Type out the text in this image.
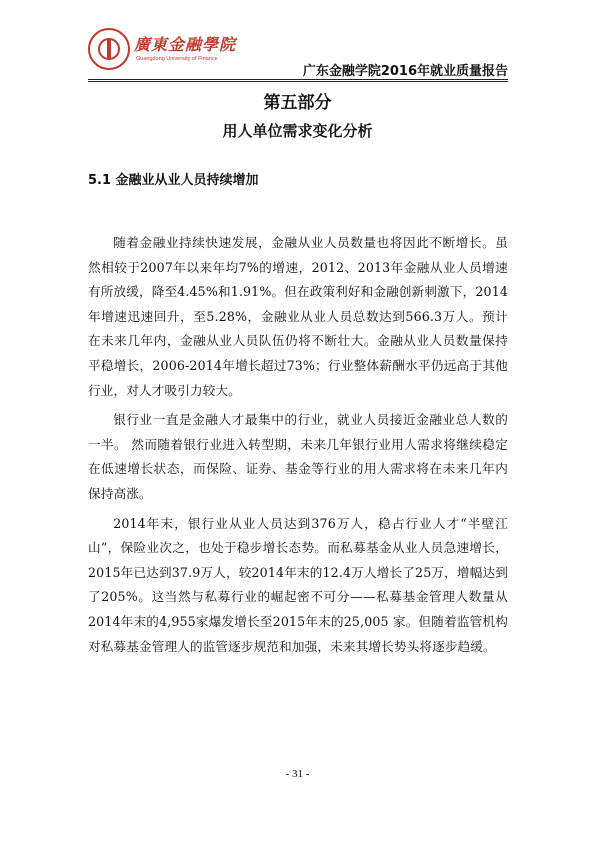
廣東金融學院
Guangdong University of Finance
广东金融学院2016年就业质量报告
第五部分
用人单位需求变化分析
5.1 金融业从业人员持续增加

随着金融业持续快速发展，金融从业人员数量也将因此不断增长。虽然相较于2007年以来年均7%的增速，2012、2013年金融从业人员增速有所放缓，降至4.45%和1.91%。但在政策利好和金融创新刺激下，2014年增速迅速回升，至5.28%，金融业从业人员总数达到566.3万人。预计在未来几年内，金融从业人员队伍仍将不断壮大。金融从业人员数量保持平稳增长，2006-2014年增长超过73%；行业整体薪酬水平仍远高于其他行业，对人才吸引力较大。

银行业一直是金融人才最集中的行业，就业人员接近金融业总人数的一半。 然而随着银行业进入转型期，未来几年银行业用人需求将继续稳定在低速增长状态，而保险、证券、基金等行业的用人需求将在未来几年内保持高涨。

2014年末，银行业从业人员达到376万人，稳占行业人才“半壁江山”，保险业次之，也处于稳步增长态势。而私募基金从业人员急速增长，2015年已达到37.9万人，较2014年末的12.4万人增长了25万，增幅达到了205%。这当然与私募行业的崛起密不可分——私募基金管理人数量从2014年末的4,955家爆发增长至2015年末的25,005 家。但随着监管机构对私募基金管理人的监管逐步规范和加强，未来其增长势头将逐步趋缓。

- 31 -
